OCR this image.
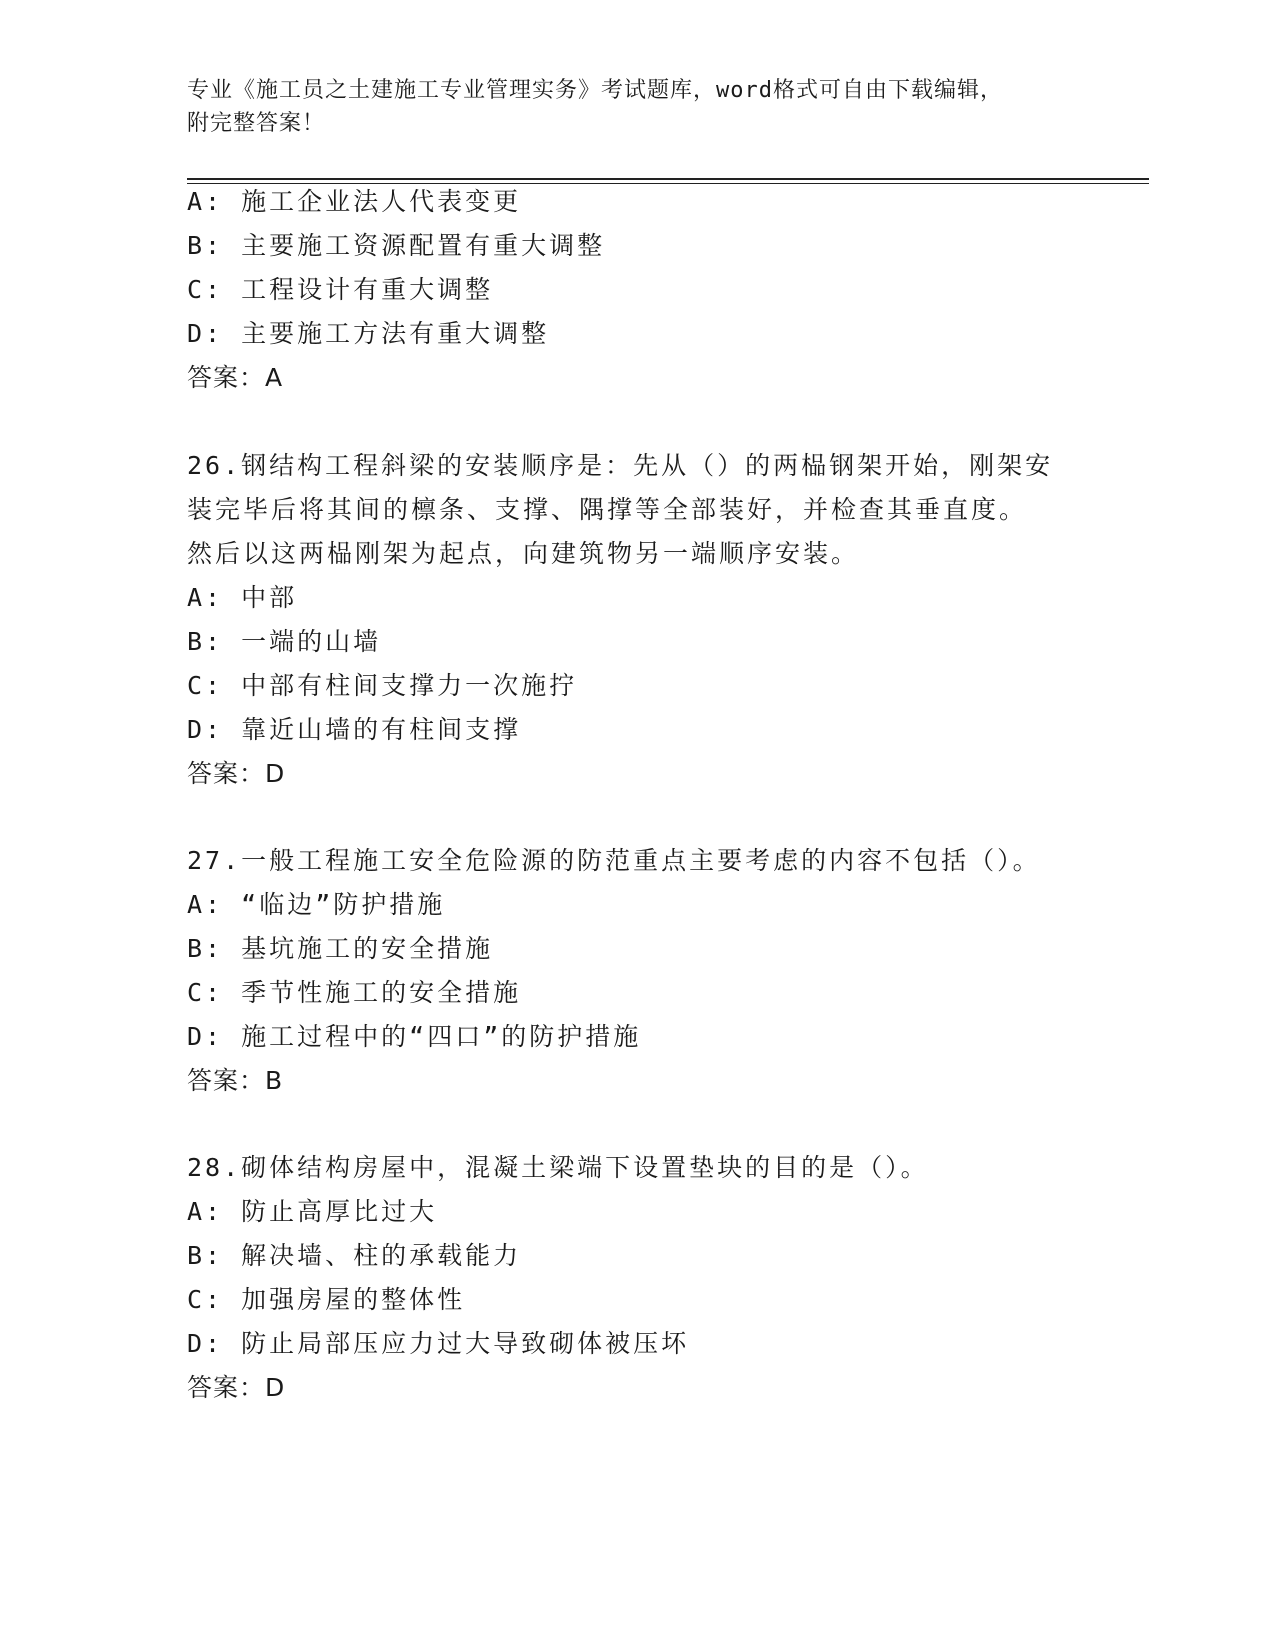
专业《施工员之土建施工专业管理实务》考试题库，word格式可自由下载编辑，
附完整答案！
A: 施工企业法人代表变更
B: 主要施工资源配置有重大调整
C: 工程设计有重大调整
D: 主要施工方法有重大调整
答案：A
26.钢结构工程斜梁的安装顺序是：先从（）的两榀钢架开始，刚架安
装完毕后将其间的檩条、支撑、隅撑等全部装好，并检查其垂直度。
然后以这两榀刚架为起点，向建筑物另一端顺序安装。
A: 中部
B: 一端的山墙
C: 中部有柱间支撑力一次施拧
D: 靠近山墙的有柱间支撑
答案：D
27.一般工程施工安全危险源的防范重点主要考虑的内容不包括（）。
A: “临边”防护措施
B: 基坑施工的安全措施
C: 季节性施工的安全措施
D: 施工过程中的“四口”的防护措施
答案：B
28.砌体结构房屋中，混凝土梁端下设置垫块的目的是（）。
A: 防止高厚比过大
B: 解决墙、柱的承载能力
C: 加强房屋的整体性
D: 防止局部压应力过大导致砌体被压坏
答案：D
